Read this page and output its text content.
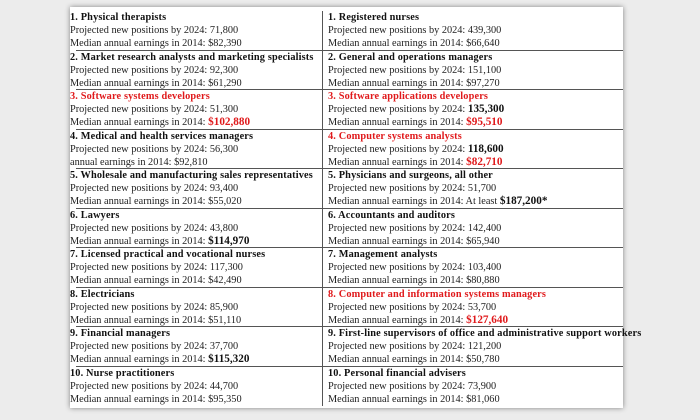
1. Physical therapists
Projected new positions by 2024: 71,800
Median annual earnings in 2014: $82,390
1. Registered nurses
Projected new positions by 2024: 439,300
Median annual earnings in 2014: $66,640
2. Market research analysts and marketing specialists
Projected new positions by 2024: 92,300
Median annual earnings in 2014: $61,290
2. General and operations managers
Projected new positions by 2024: 151,100
Median annual earnings in 2014: $97,270
3. Software systems developers
Projected new positions by 2024: 51,300
Median annual earnings in 2014: $102,880
3. Software applications developers
Projected new positions by 2024: 135,300
Median annual earnings in 2014: $95,510
4. Medical and health services managers
Projected new positions by 2024: 56,300
annual earnings in 2014: $92,810
4. Computer systems analysts
Projected new positions by 2024: 118,600
Median annual earnings in 2014: $82,710
5. Wholesale and manufacturing sales representatives
Projected new positions by 2024: 93,400
Median annual earnings in 2014: $55,020
5. Physicians and surgeons, all other
Projected new positions by 2024: 51,700
Median annual earnings in 2014: At least $187,200*
6. Lawyers
Projected new positions by 2024: 43,800
Median annual earnings in 2014: $114,970
6. Accountants and auditors
Projected new positions by 2024: 142,400
Median annual earnings in 2014: $65,940
7. Licensed practical and vocational nurses
Projected new positions by 2024: 117,300
Median annual earnings in 2014: $42,490
7. Management analysts
Projected new positions by 2024: 103,400
Median annual earnings in 2014: $80,880
8. Electricians
Projected new positions by 2024: 85,900
Median annual earnings in 2014: $51,110
8. Computer and information systems managers
Projected new positions by 2024: 53,700
Median annual earnings in 2014: $127,640
9. Financial managers
Projected new positions by 2024: 37,700
Median annual earnings in 2014: $115,320
9. First-line supervisors of office and administrative support workers
Projected new positions by 2024: 121,200
Median annual earnings in 2014: $50,780
10. Nurse practitioners
Projected new positions by 2024: 44,700
Median annual earnings in 2014: $95,350
10. Personal financial advisers
Projected new positions by 2024: 73,900
Median annual earnings in 2014: $81,060
